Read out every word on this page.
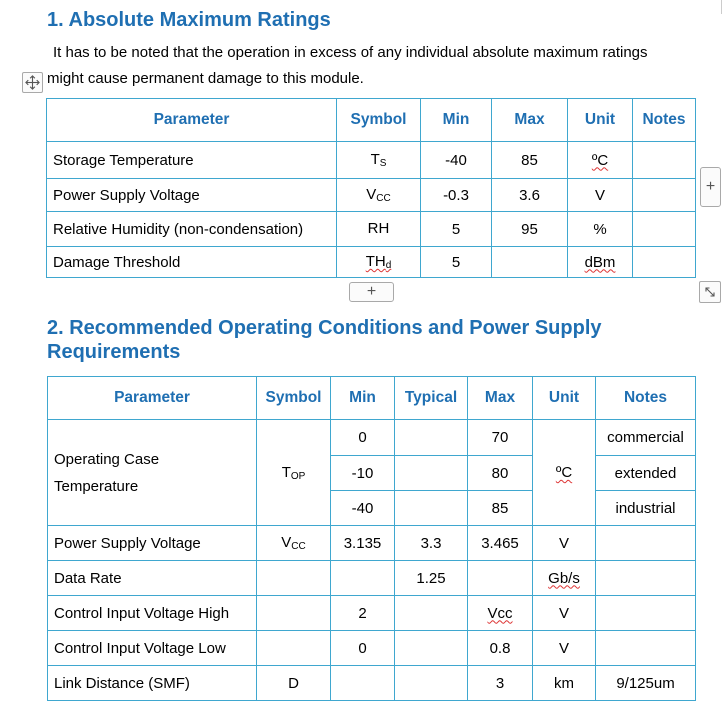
1. Absolute Maximum Ratings
It has to be noted that the operation in excess of any individual absolute maximum ratings
might cause permanent damage to this module.
Parameter	Symbol	Min	Max	Unit	Notes
Storage Temperature	$T_S$	-40	85	ºC	
Power Supply Voltage	$V_{CC}$	-0.3	3.6	V	
Relative Humidity (non-condensation)	RH	5	95	%	
Damage Threshold	$TH_d$	5		dBm	
+
+
2. Recommended Operating Conditions and Power Supply Requirements
Parameter	Symbol	Min	Typical	Max	Unit	Notes
Operating Case
Temperature	$T_{OP}$	0		70	ºC	commercial
		-10		80		extended
		-40		85		industrial
Power Supply Voltage	$V_{CC}$	3.135	3.3	3.465	V	
Data Rate			1.25		Gb/s	
Control Input Voltage High		2		Vcc	V	
Control Input Voltage Low		0		0.8	V	
Link Distance (SMF)	D			3	km	9/125um
